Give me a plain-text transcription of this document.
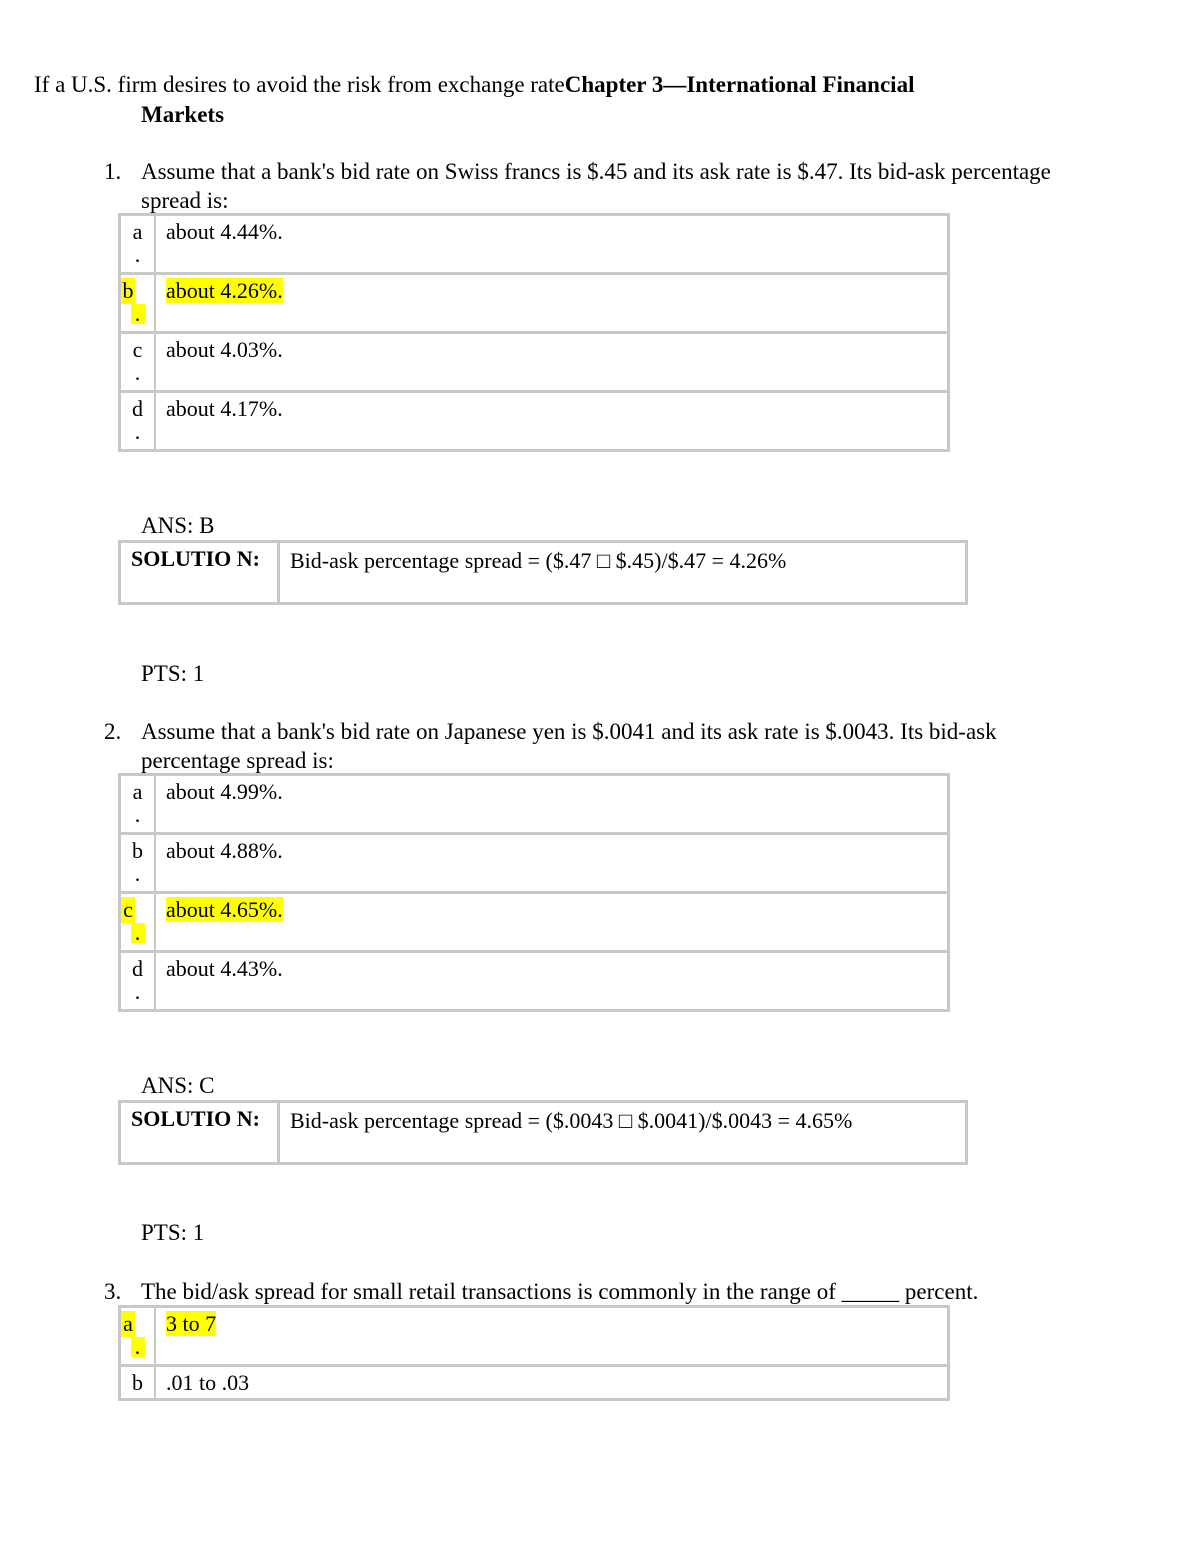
If a U.S. firm desires to avoid the risk from exchange rateChapter 3—International Financial
Markets
1. Assume that a bank's bid rate on Swiss francs is $.45 and its ask rate is $.47. Its bid-ask percentage spread is:
a
.	about 4.44%.

b
.	about 4.26%.

c
.	about 4.03%.

d
.	about 4.17%.
ANS: B
SOLUTIO N:	Bid-ask percentage spread = ($.47 □ $.45)/$.47 = 4.26%
PTS: 1
2. Assume that a bank's bid rate on Japanese yen is $.0041 and its ask rate is $.0043. Its bid-ask percentage spread is:
a
.	about 4.99%.

b
.	about 4.88%.

c
.	about 4.65%.

d
.	about 4.43%.
ANS: C
SOLUTIO N:	Bid-ask percentage spread = ($.0043 □ $.0041)/$.0043 = 4.65%
PTS: 1
3. The bid/ask spread for small retail transactions is commonly in the range of _____ percent.
a
.	3 to 7

b	.01 to .03
